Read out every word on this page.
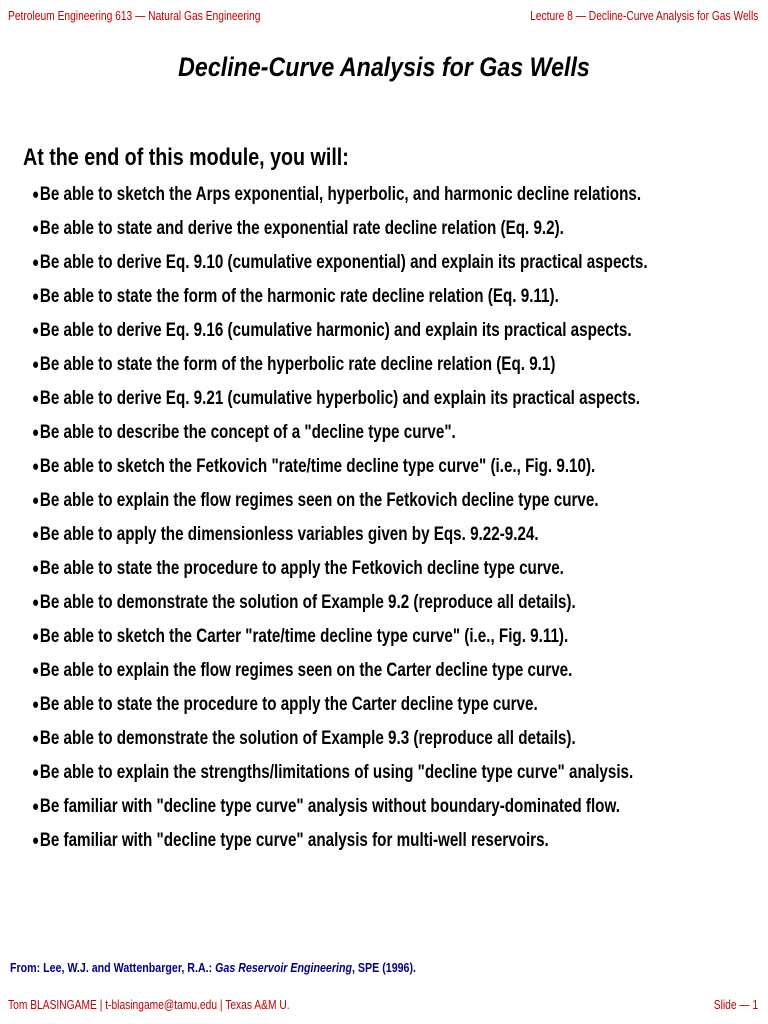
Petroleum Engineering 613 — Natural Gas Engineering	Lecture 8 — Decline-Curve Analysis for Gas Wells
Decline-Curve Analysis for Gas Wells
At the end of this module, you will:
●Be able to sketch the Arps exponential, hyperbolic, and harmonic decline relations.
●Be able to state and derive the exponential rate decline relation (Eq. 9.2).
●Be able to derive Eq. 9.10 (cumulative exponential) and explain its practical aspects.
●Be able to state the form of the harmonic rate decline relation (Eq. 9.11).
●Be able to derive Eq. 9.16 (cumulative harmonic) and explain its practical aspects.
●Be able to state the form of the hyperbolic rate decline relation (Eq. 9.1)
●Be able to derive Eq. 9.21 (cumulative hyperbolic) and explain its practical aspects.
●Be able to describe the concept of a "decline type curve".
●Be able to sketch the Fetkovich "rate/time decline type curve" (i.e., Fig. 9.10).
●Be able to explain the flow regimes seen on the Fetkovich decline type curve.
●Be able to apply the dimensionless variables given by Eqs. 9.22-9.24.
●Be able to state the procedure to apply the Fetkovich decline type curve.
●Be able to demonstrate the solution of Example 9.2 (reproduce all details).
●Be able to sketch the Carter "rate/time decline type curve" (i.e., Fig. 9.11).
●Be able to explain the flow regimes seen on the Carter decline type curve.
●Be able to state the procedure to apply the Carter decline type curve.
●Be able to demonstrate the solution of Example 9.3 (reproduce all details).
●Be able to explain the strengths/limitations of using "decline type curve" analysis.
●Be familiar with "decline type curve" analysis without boundary-dominated flow.
●Be familiar with "decline type curve" analysis for multi-well reservoirs.
From: Lee, W.J. and Wattenbarger, R.A.: Gas Reservoir Engineering, SPE (1996).
Tom BLASINGAME | t-blasingame@tamu.edu | Texas A&M U.	Slide — 1
